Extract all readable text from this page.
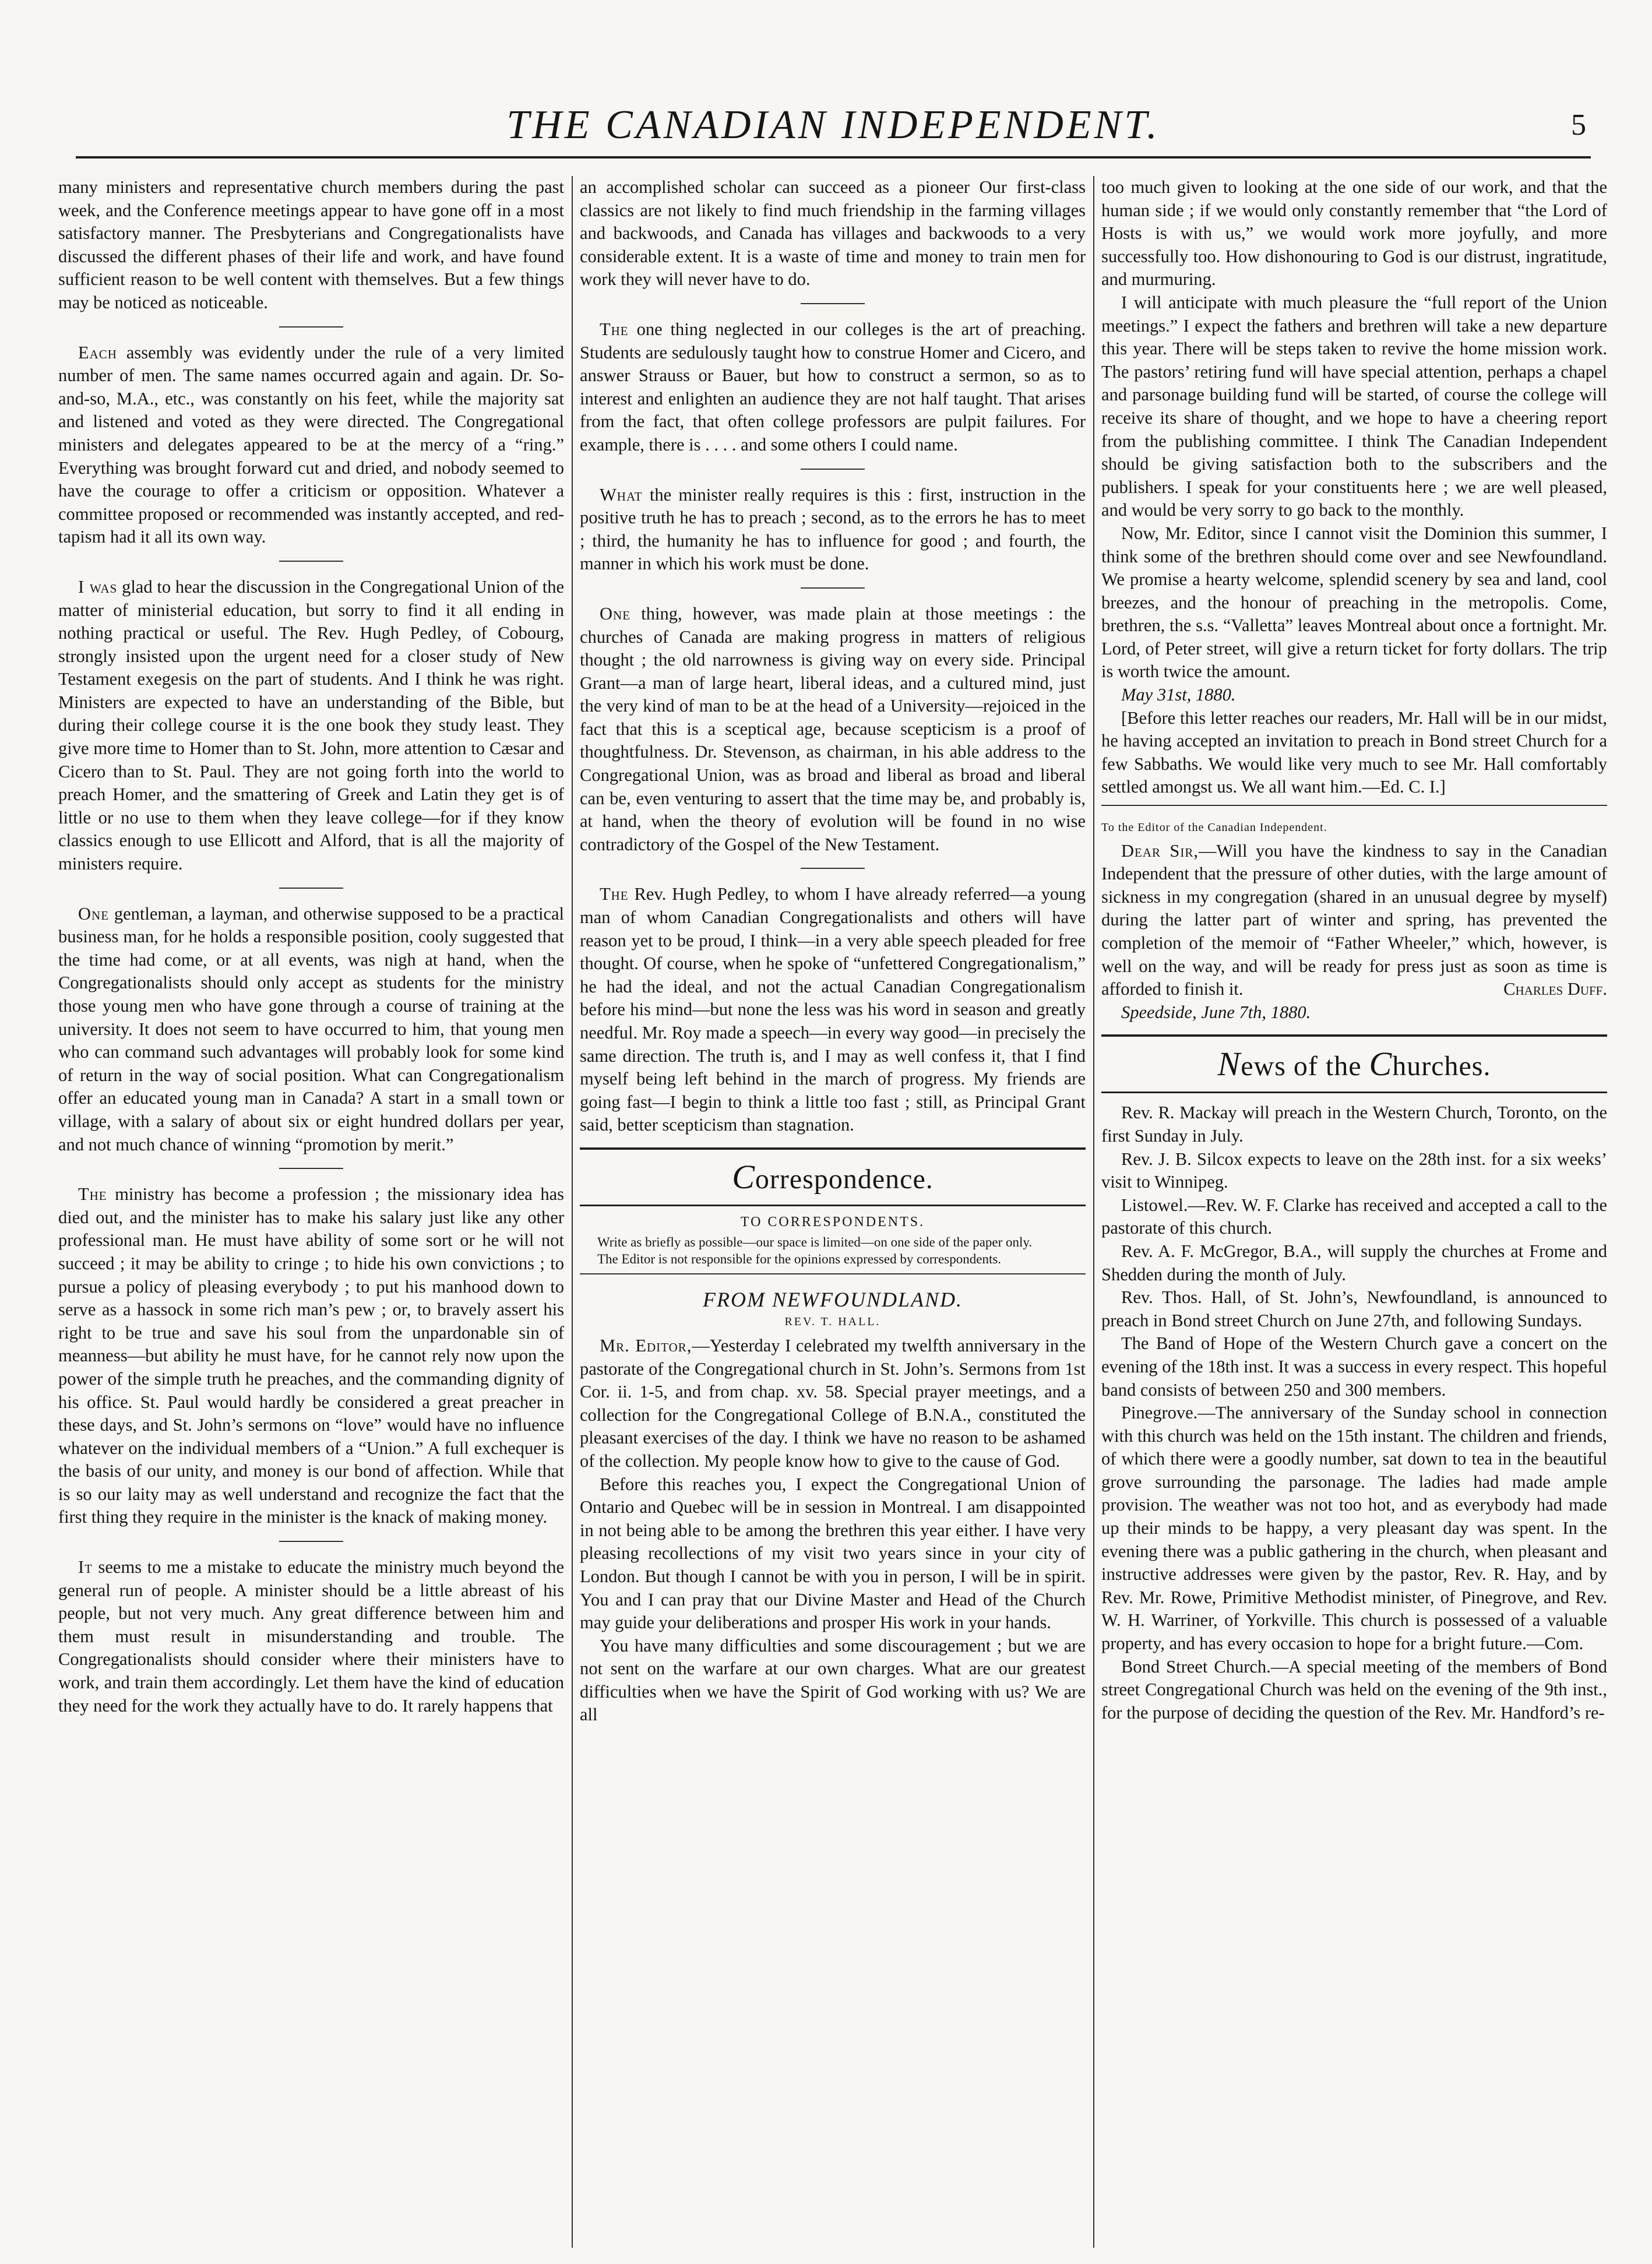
THE CANADIAN INDEPENDENT.	5

many ministers and representative church members during the past week, and the Conference meetings appear to have gone off in a most satisfactory manner. The Presbyterians and Congregationalists have discussed the different phases of their life and work, and have found sufficient reason to be well content with themselves. But a few things may be noticed as noticeable.

Each assembly was evidently under the rule of a very limited number of men. The same names occurred again and again. Dr. So-and-so, M.A., etc., was constantly on his feet, while the majority sat and listened and voted as they were directed. The Congregational ministers and delegates appeared to be at the mercy of a “ring.” Everything was brought forward cut and dried, and nobody seemed to have the courage to offer a criticism or opposition. Whatever a committee proposed or recommended was instantly accepted, and red-tapism had it all its own way.

I was glad to hear the discussion in the Congregational Union of the matter of ministerial education, but sorry to find it all ending in nothing practical or useful. The Rev. Hugh Pedley, of Cobourg, strongly insisted upon the urgent need for a closer study of New Testament exegesis on the part of students. And I think he was right. Ministers are expected to have an understanding of the Bible, but during their college course it is the one book they study least. They give more time to Homer than to St. John, more attention to Cæsar and Cicero than to St. Paul. They are not going forth into the world to preach Homer, and the smattering of Greek and Latin they get is of little or no use to them when they leave college—for if they know classics enough to use Ellicott and Alford, that is all the majority of ministers require.

One gentleman, a layman, and otherwise supposed to be a practical business man, for he holds a responsible position, cooly suggested that the time had come, or at all events, was nigh at hand, when the Congregationalists should only accept as students for the ministry those young men who have gone through a course of training at the university. It does not seem to have occurred to him, that young men who can command such advantages will probably look for some kind of return in the way of social position. What can Congregationalism offer an educated young man in Canada? A start in a small town or village, with a salary of about six or eight hundred dollars per year, and not much chance of winning “promotion by merit.”

The ministry has become a profession ; the missionary idea has died out, and the minister has to make his salary just like any other professional man. He must have ability of some sort or he will not succeed ; it may be ability to cringe ; to hide his own convictions ; to pursue a policy of pleasing everybody ; to put his manhood down to serve as a hassock in some rich man’s pew ; or, to bravely assert his right to be true and save his soul from the unpardonable sin of meanness—but ability he must have, for he cannot rely now upon the power of the simple truth he preaches, and the commanding dignity of his office. St. Paul would hardly be considered a great preacher in these days, and St. John’s sermons on “love” would have no influence whatever on the individual members of a “Union.” A full exchequer is the basis of our unity, and money is our bond of affection. While that is so our laity may as well understand and recognize the fact that the first thing they require in the minister is the knack of making money.

It seems to me a mistake to educate the ministry much beyond the general run of people. A minister should be a little abreast of his people, but not very much. Any great difference between him and them must result in misunderstanding and trouble. The Congregationalists should consider where their ministers have to work, and train them accordingly. Let them have the kind of education they need for the work they actually have to do. It rarely happens that

an accomplished scholar can succeed as a pioneer Our first-class classics are not likely to find much friendship in the farming villages and backwoods, and Canada has villages and backwoods to a very considerable extent. It is a waste of time and money to train men for work they will never have to do.

The one thing neglected in our colleges is the art of preaching. Students are sedulously taught how to construe Homer and Cicero, and answer Strauss or Bauer, but how to construct a sermon, so as to interest and enlighten an audience they are not half taught. That arises from the fact, that often college professors are pulpit failures. For example, there is . . . . and some others I could name.

What the minister really requires is this : first, instruction in the positive truth he has to preach ; second, as to the errors he has to meet ; third, the humanity he has to influence for good ; and fourth, the manner in which his work must be done.

One thing, however, was made plain at those meetings : the churches of Canada are making progress in matters of religious thought ; the old narrowness is giving way on every side. Principal Grant—a man of large heart, liberal ideas, and a cultured mind, just the very kind of man to be at the head of a University—rejoiced in the fact that this is a sceptical age, because scepticism is a proof of thoughtfulness. Dr. Stevenson, as chairman, in his able address to the Congregational Union, was as broad and liberal as broad and liberal can be, even venturing to assert that the time may be, and probably is, at hand, when the theory of evolution will be found in no wise contradictory of the Gospel of the New Testament.

The Rev. Hugh Pedley, to whom I have already referred—a young man of whom Canadian Congregationalists and others will have reason yet to be proud, I think—in a very able speech pleaded for free thought. Of course, when he spoke of “unfettered Congregationalism,” he had the ideal, and not the actual Canadian Congregationalism before his mind—but none the less was his word in season and greatly needful. Mr. Roy made a speech—in every way good—in precisely the same direction. The truth is, and I may as well confess it, that I find myself being left behind in the march of progress. My friends are going fast—I begin to think a little too fast ; still, as Principal Grant said, better scepticism than stagnation.

Correspondence.
TO CORRESPONDENTS.

Write as briefly as possible—our space is limited—on one side of the paper only.

The Editor is not responsible for the opinions expressed by correspondents.

FROM NEWFOUNDLAND.
REV. T. HALL.

Mr. Editor,—Yesterday I celebrated my twelfth anniversary in the pastorate of the Congregational church in St. John’s. Sermons from 1st Cor. ii. 1-5, and from chap. xv. 58. Special prayer meetings, and a collection for the Congregational College of B.N.A., constituted the pleasant exercises of the day. I think we have no reason to be ashamed of the collection. My people know how to give to the cause of God.

Before this reaches you, I expect the Congregational Union of Ontario and Quebec will be in session in Montreal. I am disappointed in not being able to be among the brethren this year either. I have very pleasing recollections of my visit two years since in your city of London. But though I cannot be with you in person, I will be in spirit. You and I can pray that our Divine Master and Head of the Church may guide your deliberations and prosper His work in your hands.

You have many difficulties and some discouragement ; but we are not sent on the warfare at our own charges. What are our greatest difficulties when we have the Spirit of God working with us? We are all

too much given to looking at the one side of our work, and that the human side ; if we would only constantly remember that “the Lord of Hosts is with us,” we would work more joyfully, and more successfully too. How dishonouring to God is our distrust, ingratitude, and murmuring.

I will anticipate with much pleasure the “full report of the Union meetings.” I expect the fathers and brethren will take a new departure this year. There will be steps taken to revive the home mission work. The pastors’ retiring fund will have special attention, perhaps a chapel and parsonage building fund will be started, of course the college will receive its share of thought, and we hope to have a cheering report from the publishing committee. I think The Canadian Independent should be giving satisfaction both to the subscribers and the publishers. I speak for your constituents here ; we are well pleased, and would be very sorry to go back to the monthly.

Now, Mr. Editor, since I cannot visit the Dominion this summer, I think some of the brethren should come over and see Newfoundland. We promise a hearty welcome, splendid scenery by sea and land, cool breezes, and the honour of preaching in the metropolis. Come, brethren, the s.s. “Valletta” leaves Montreal about once a fortnight. Mr. Lord, of Peter street, will give a return ticket for forty dollars. The trip is worth twice the amount.

May 31st, 1880.

[Before this letter reaches our readers, Mr. Hall will be in our midst, he having accepted an invitation to preach in Bond street Church for a few Sabbaths. We would like very much to see Mr. Hall comfortably settled amongst us. We all want him.—Ed. C. I.]

To the Editor of the Canadian Independent.

Dear Sir,—Will you have the kindness to say in the Canadian Independent that the pressure of other duties, with the large amount of sickness in my congregation (shared in an unusual degree by myself) during the latter part of winter and spring, has prevented the completion of the memoir of “Father Wheeler,” which, however, is well on the way, and will be ready for press just as soon as time is afforded to finish it.	Charles Duff.

Speedside, June 7th, 1880.

News of the Churches.

Rev. R. Mackay will preach in the Western Church, Toronto, on the first Sunday in July.

Rev. J. B. Silcox expects to leave on the 28th inst. for a six weeks’ visit to Winnipeg.

Listowel.—Rev. W. F. Clarke has received and accepted a call to the pastorate of this church.

Rev. A. F. McGregor, B.A., will supply the churches at Frome and Shedden during the month of July.

Rev. Thos. Hall, of St. John’s, Newfoundland, is announced to preach in Bond street Church on June 27th, and following Sundays.

The Band of Hope of the Western Church gave a concert on the evening of the 18th inst. It was a success in every respect. This hopeful band consists of between 250 and 300 members.

Pinegrove.—The anniversary of the Sunday school in connection with this church was held on the 15th instant. The children and friends, of which there were a goodly number, sat down to tea in the beautiful grove surrounding the parsonage. The ladies had made ample provision. The weather was not too hot, and as everybody had made up their minds to be happy, a very pleasant day was spent. In the evening there was a public gathering in the church, when pleasant and instructive addresses were given by the pastor, Rev. R. Hay, and by Rev. Mr. Rowe, Primitive Methodist minister, of Pinegrove, and Rev. W. H. Warriner, of Yorkville. This church is possessed of a valuable property, and has every occasion to hope for a bright future.—Com.

Bond Street Church.—A special meeting of the members of Bond street Congregational Church was held on the evening of the 9th inst., for the purpose of deciding the question of the Rev. Mr. Handford’s re-
